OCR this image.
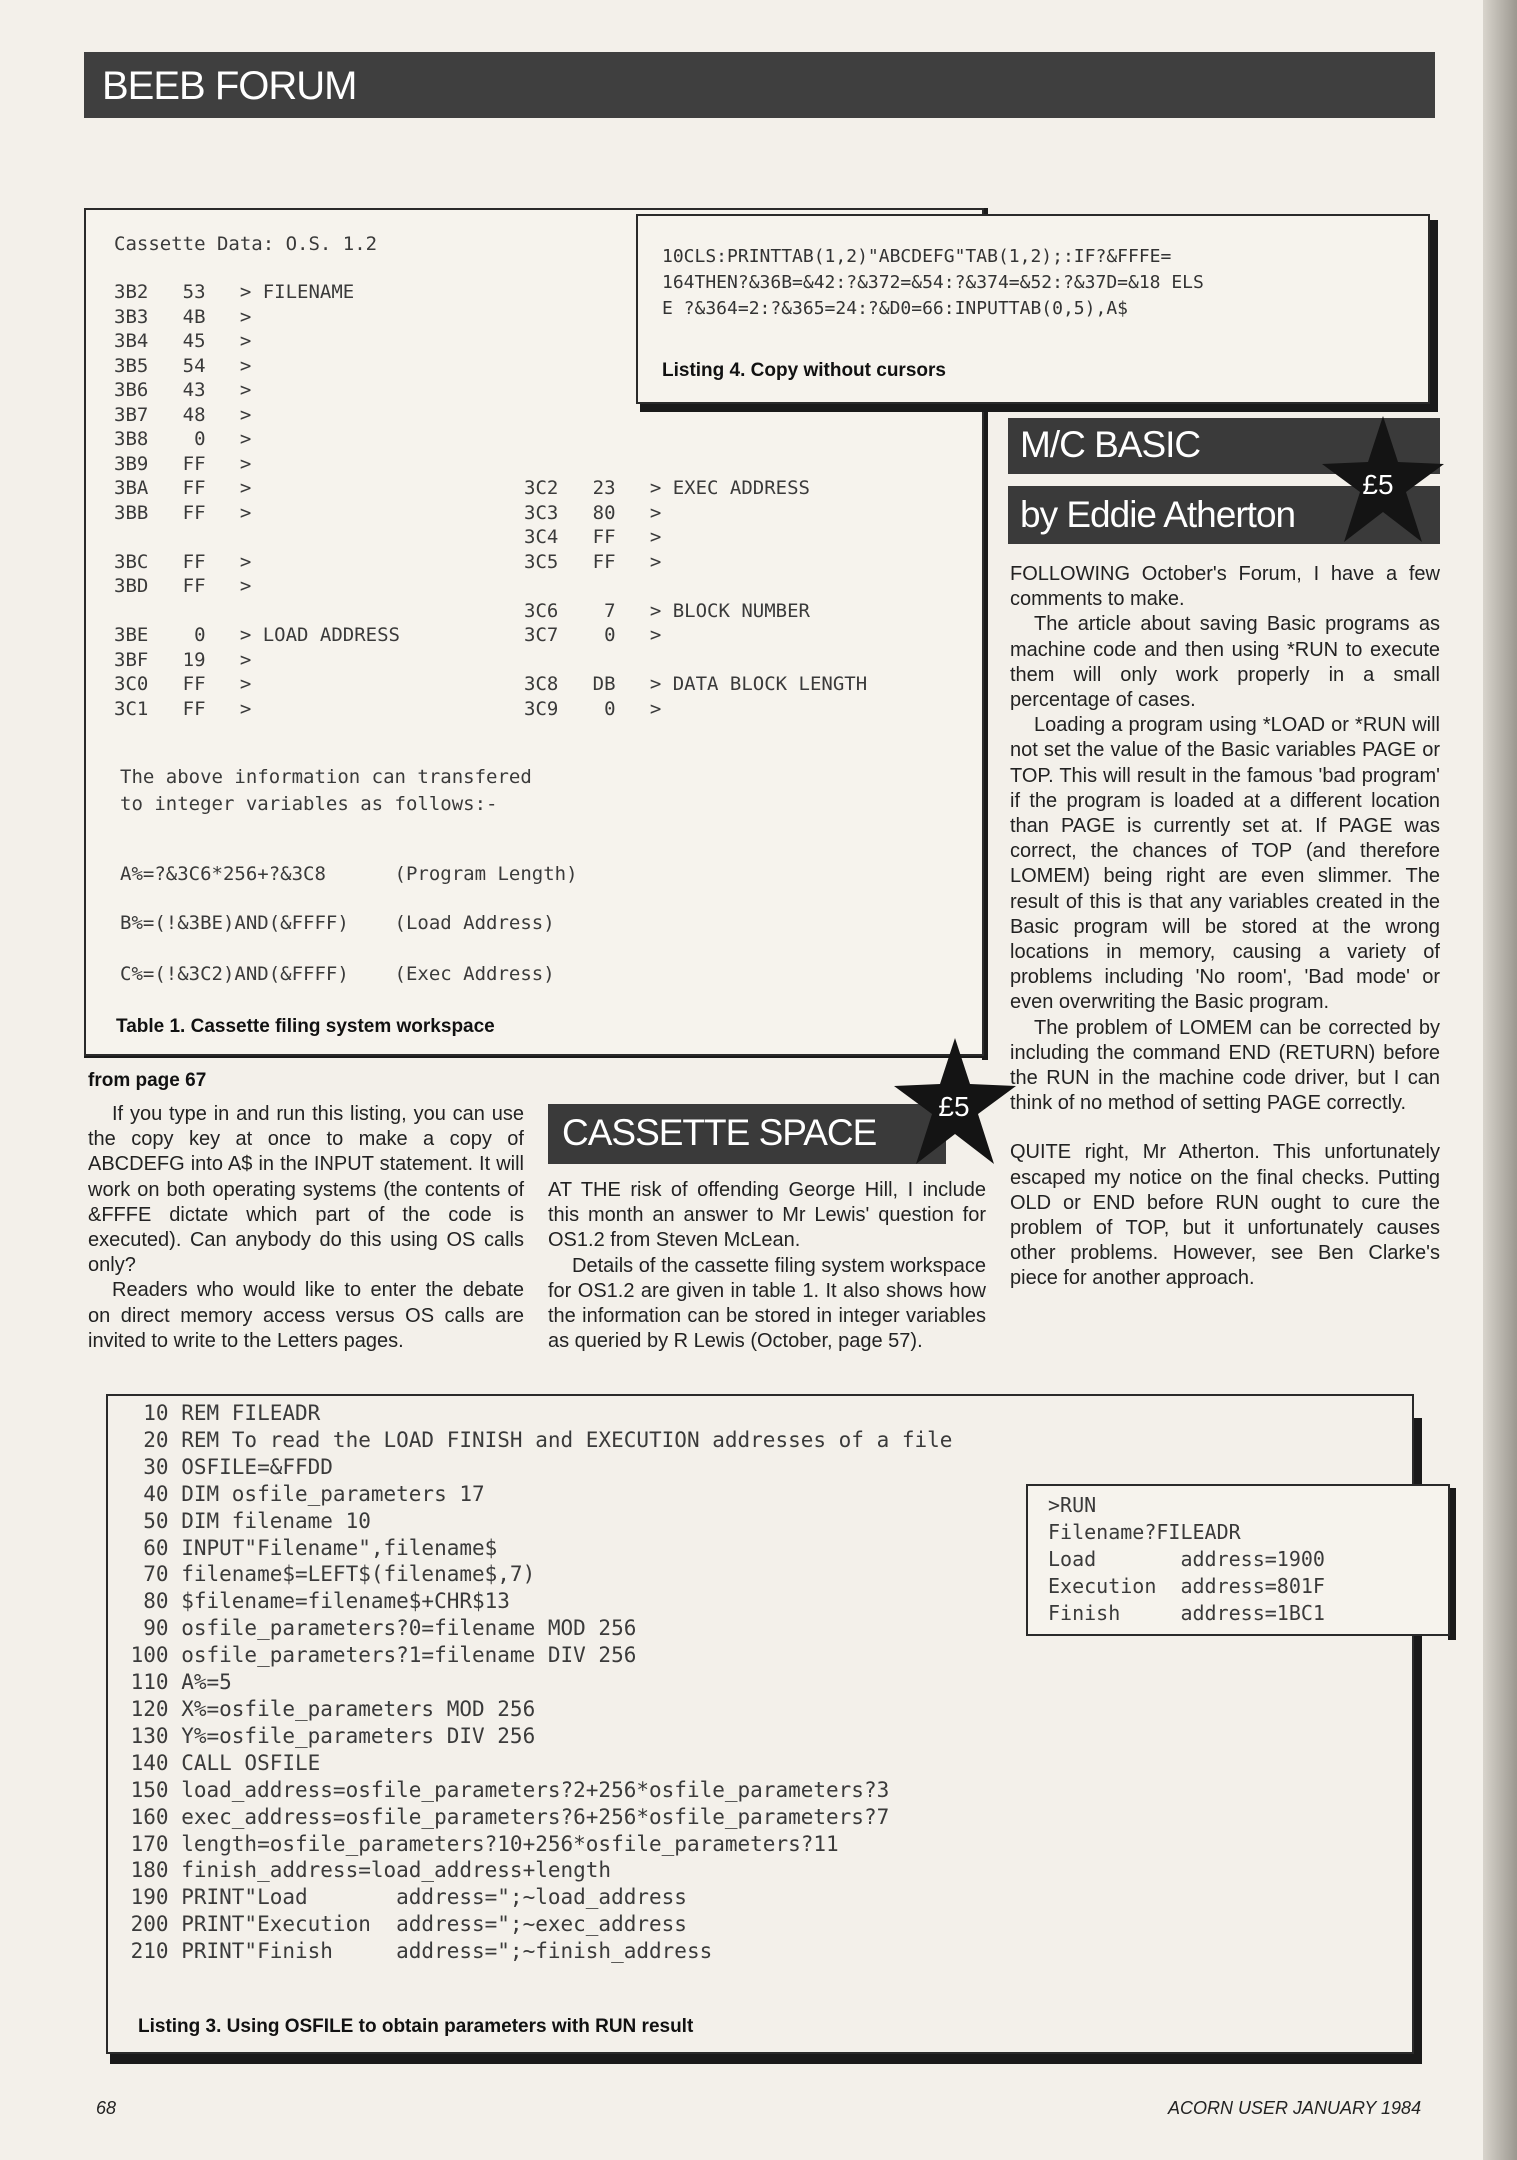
BEEB FORUM
Cassette Data: O.S. 1.2
3B2   53   > FILENAME
3B3   4B   >
3B4   45   >
3B5   54   >
3B6   43   >
3B7   48   >
3B8    0   >
3B9   FF   >
3BA   FF   >
3BB   FF   >

3BC   FF   >
3BD   FF   >

3BE    0   > LOAD ADDRESS
3BF   19   >
3C0   FF   >
3C1   FF   >
3C2   23   > EXEC ADDRESS
3C3   80   >
3C4   FF   >
3C5   FF   >

3C6    7   > BLOCK NUMBER
3C7    0   >

3C8   DB   > DATA BLOCK LENGTH
3C9    0   >
The above information can transfered
to integer variables as follows:-
A%=?&3C6*256+?&3C8      (Program Length)
B%=(!&3BE)AND(&FFFF)    (Load Address)
C%=(!&3C2)AND(&FFFF)    (Exec Address)
Table 1. Cassette filing system workspace
10CLS:PRINTTAB(1,2)"ABCDEFG"TAB(1,2);:IF?&FFFE=
164THEN?&36B=&42:?&372=&54:?&374=&52:?&37D=&18 ELS
E ?&364=2:?&365=24:?&D0=66:INPUTTAB(0,5),A$
Listing 4. Copy without cursors
M/C BASIC
by Eddie Atherton
£5

FOLLOWING October's Forum, I have a few comments to make.

The article about saving Basic programs as machine code and then using *RUN to execute them will only work properly in a small percentage of cases.

Loading a program using *LOAD or *RUN will not set the value of the Basic variables PAGE or TOP. This will result in the famous 'bad program' if the program is loaded at a different location than PAGE is currently set at. If PAGE was correct, the chances of TOP (and therefore LOMEM) being right are even slimmer. The result of this is that any variables created in the Basic program will be stored at the wrong locations in memory, causing a variety of problems including 'No room', 'Bad mode' or even overwriting the Basic program.

The problem of LOMEM can be corrected by including the command END (RETURN) before the RUN in the machine code driver, but I can think of no method of setting PAGE correctly.

QUITE right, Mr Atherton. This unfortunately escaped my notice on the final checks. Putting OLD or END before RUN ought to cure the problem of TOP, but it unfortunately causes other problems. However, see Ben Clarke's piece for another approach.

from page 67

If you type in and run this listing, you can use the copy key at once to make a copy of ABCDEFG into A$ in the INPUT statement. It will work on both operating systems (the contents of &FFFE dictate which part of the code is executed). Can anybody do this using OS calls only?

Readers who would like to enter the debate on direct memory access versus OS calls are invited to write to the Letters pages.

CASSETTE SPACE
£5

AT THE risk of offending George Hill, I include this month an answer to Mr Lewis' question for OS1.2 from Steven McLean.

Details of the cassette filing system workspace for OS1.2 are given in table 1. It also shows how the information can be stored in integer variables as queried by R Lewis (October, page 57).

10 REM FILEADR
20 REM To read the LOAD FINISH and EXECUTION addresses of a file
30 OSFILE=&FFDD
40 DIM osfile_parameters 17
50 DIM filename 10
60 INPUT"Filename",filename$
70 filename$=LEFT$(filename$,7)
80 $filename=filename$+CHR$13
90 osfile_parameters?0=filename MOD 256
100 osfile_parameters?1=filename DIV 256
110 A%=5
120 X%=osfile_parameters MOD 256
130 Y%=osfile_parameters DIV 256
140 CALL OSFILE
150 load_address=osfile_parameters?2+256*osfile_parameters?3
160 exec_address=osfile_parameters?6+256*osfile_parameters?7
170 length=osfile_parameters?10+256*osfile_parameters?11
180 finish_address=load_address+length
190 PRINT"Load       address=";~load_address
200 PRINT"Execution  address=";~exec_address
210 PRINT"Finish     address=";~finish_address
>RUN
Filename?FILEADR
Load       address=1900
Execution  address=801F
Finish     address=1BC1
Listing 3. Using OSFILE to obtain parameters with RUN result
68	ACORN USER JANUARY 1984
